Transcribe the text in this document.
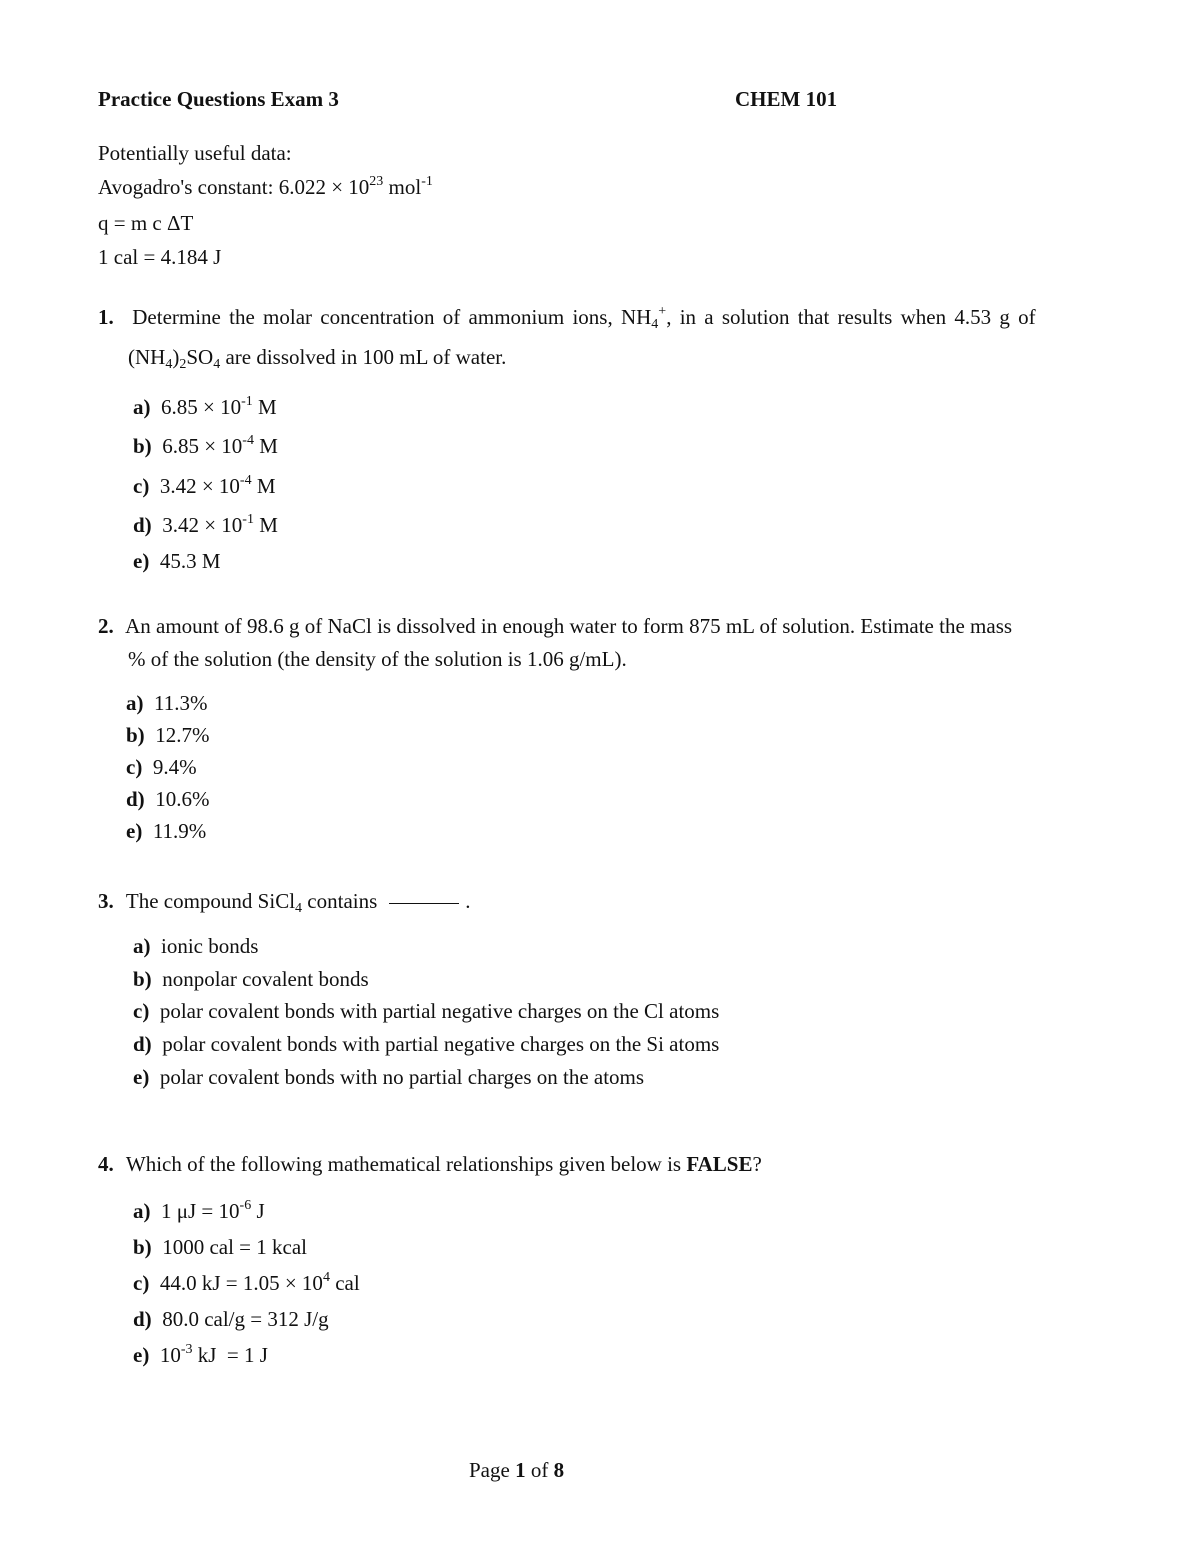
Practice Questions Exam 3	CHEM 101
Potentially useful data:
Avogadro's constant: $6.022 \times 10^{23}$ mol$^{-1}$
q = m c ΔT
1 cal = 4.184 J
1. Determine the molar concentration of ammonium ions, $NH_4^+$, in a solution that results when 4.53 g of
$(NH_4)_2SO_4$ are dissolved in 100 mL of water.
a) $6.85 \times 10^{-1}$ M
b) $6.85 \times 10^{-4}$ M
c) $3.42 \times 10^{-4}$ M
d) $3.42 \times 10^{-1}$ M
e) 45.3 M
2. An amount of 98.6 g of NaCl is dissolved in enough water to form 875 mL of solution. Estimate the mass
% of the solution (the density of the solution is 1.06 g/mL).
a) 11.3%
b) 12.7%
c) 9.4%
d) 10.6%
e) 11.9%
3. The compound SiCl$_4$ contains	.
a) ionic bonds
b) nonpolar covalent bonds
c) polar covalent bonds with partial negative charges on the Cl atoms
d) polar covalent bonds with partial negative charges on the Si atoms
e) polar covalent bonds with no partial charges on the atoms
4. Which of the following mathematical relationships given below is FALSE?
a) 1 $\mu J = 10^{-6}$ J
b) 1000 cal = 1 kcal
c) 44.0 kJ = $1.05 \times 10^4$ cal
d) 80.0 cal/g = 312 J/g
e) $10^{-3}$ kJ  = 1 J
Page 1 of 8
